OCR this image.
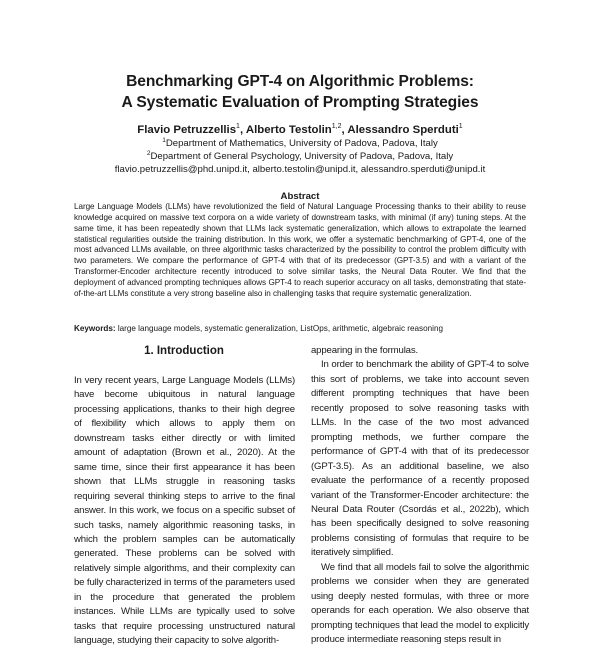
Benchmarking GPT-4 on Algorithmic Problems:
A Systematic Evaluation of Prompting Strategies
Flavio Petruzzellis$^1$, Alberto Testolin$^{1,2}$, Alessandro Sperduti$^1$
$^1$Department of Mathematics, University of Padova, Padova, Italy
$^2$Department of General Psychology, University of Padova, Padova, Italy
flavio.petruzzellis@phd.unipd.it, alberto.testolin@unipd.it, alessandro.sperduti@unipd.it
Abstract
Large Language Models (LLMs) have revolutionized the field of Natural Language Processing thanks to their ability to reuse knowledge acquired on massive text corpora on a wide variety of downstream tasks, with minimal (if any) tuning steps. At the same time, it has been repeatedly shown that LLMs lack systematic generalization, which allows to extrapolate the learned statistical regularities outside the training distribution. In this work, we offer a systematic benchmarking of GPT-4, one of the most advanced LLMs available, on three algorithmic tasks characterized by the possibility to control the problem difficulty with two parameters. We compare the performance of GPT-4 with that of its predecessor (GPT-3.5) and with a variant of the Transformer-Encoder architecture recently introduced to solve similar tasks, the Neural Data Router. We find that the deployment of advanced prompting techniques allows GPT-4 to reach superior accuracy on all tasks, demonstrating that state-of-the-art LLMs constitute a very strong baseline also in challenging tasks that require systematic generalization.
Keywords: large language models, systematic generalization, ListOps, arithmetic, algebraic reasoning
1. Introduction

In very recent years, Large Language Models (LLMs) have become ubiquitous in natural language processing applications, thanks to their high degree of flexibility which allows to apply them on downstream tasks either directly or with limited amount of adaptation (Brown et al., 2020). At the same time, since their first appearance it has been shown that LLMs struggle in reasoning tasks requiring several thinking steps to arrive to the final answer. In this work, we focus on a specific subset of such tasks, namely algorithmic reasoning tasks, in which the problem samples can be automatically generated. These problems can be solved with relatively simple algorithms, and their complexity can be fully characterized in terms of the parameters used in the procedure that generated the problem instances. While LLMs are typically used to solve tasks that require processing unstructured natural language, studying their capacity to solve algorith-

appearing in the formulas.

In order to benchmark the ability of GPT-4 to solve this sort of problems, we take into account seven different prompting techniques that have been recently proposed to solve reasoning tasks with LLMs. In the case of the two most advanced prompting methods, we further compare the performance of GPT-4 with that of its predecessor (GPT-3.5). As an additional baseline, we also evaluate the performance of a recently proposed variant of the Transformer-Encoder architecture: the Neural Data Router (Csordás et al., 2022b), which has been specifically designed to solve reasoning problems consisting of formulas that require to be iteratively simplified.

We find that all models fail to solve the algorithmic problems we consider when they are generated using deeply nested formulas, with three or more operands for each operation. We also observe that prompting techniques that lead the model to explicitly produce intermediate reasoning steps result in
